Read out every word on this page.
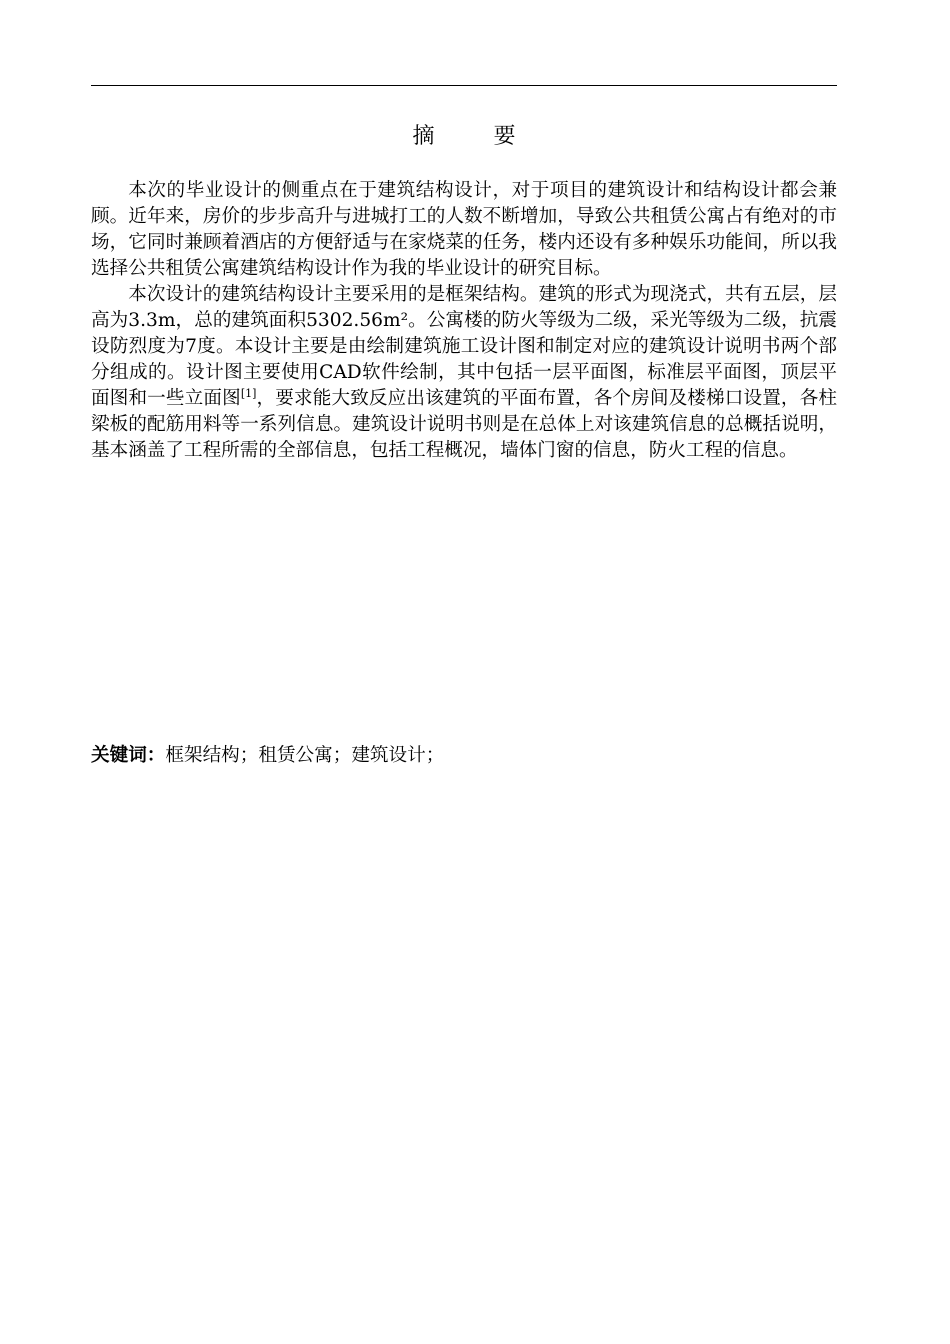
摘 要

本次的毕业设计的侧重点在于建筑结构设计，对于项目的建筑设计和结构设计都会兼顾。近年来，房价的步步高升与进城打工的人数不断增加，导致公共租赁公寓占有绝对的市场，它同时兼顾着酒店的方便舒适与在家烧菜的任务，楼内还设有多种娱乐功能间，所以我选择公共租赁公寓建筑结构设计作为我的毕业设计的研究目标。

本次设计的建筑结构设计主要采用的是框架结构。建筑的形式为现浇式，共有五层，层高为3.3m，总的建筑面积5302.56m²。公寓楼的防火等级为二级，采光等级为二级，抗震设防烈度为7度。本设计主要是由绘制建筑施工设计图和制定对应的建筑设计说明书两个部分组成的。设计图主要使用CAD软件绘制，其中包括一层平面图，标准层平面图，顶层平面图和一些立面图[1]，要求能大致反应出该建筑的平面布置，各个房间及楼梯口设置，各柱梁板的配筋用料等一系列信息。建筑设计说明书则是在总体上对该建筑信息的总概括说明，基本涵盖了工程所需的全部信息，包括工程概况，墙体门窗的信息，防火工程的信息。

关键词：框架结构；租赁公寓；建筑设计；
